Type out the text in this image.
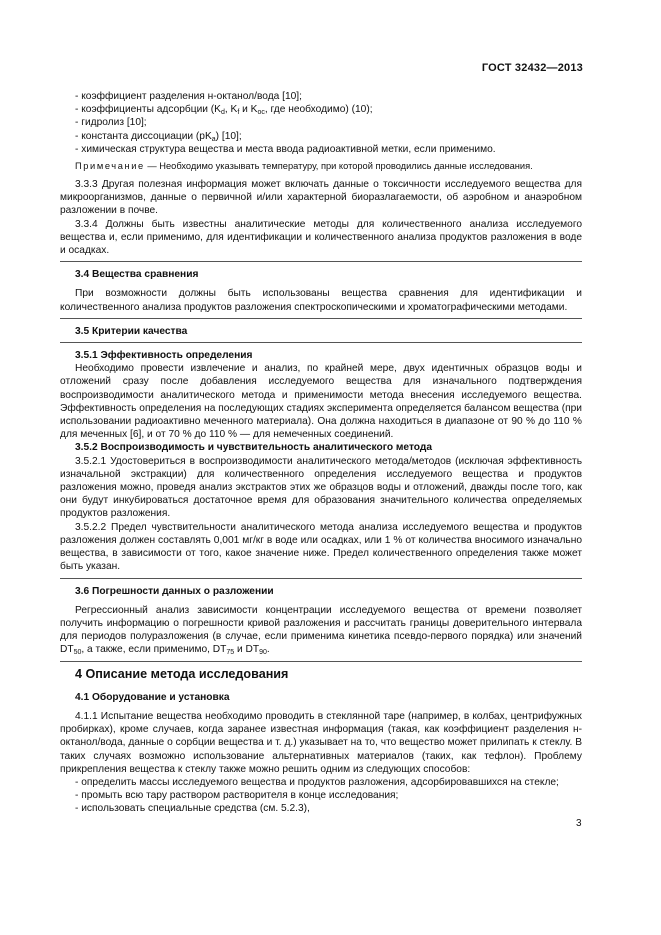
ГОСТ 32432—2013

- коэффициент разделения н-октанол/вода [10];

- коэффициенты адсорбции ($K_d$, $K_f$ и $K_{oc}$, где необходимо) (10);

- гидролиз [10];

- константа диссоциации $(pK_a)$ [10];

- химическая структура вещества и места ввода радиоактивной метки, если применимо.

Примечание — Необходимо указывать температуру, при которой проводились данные исследования.

3.3.3 Другая полезная информация может включать данные о токсичности исследуемого вещества для микроорганизмов, данные о первичной и/или характерной биоразлагаемости, об аэробном и анаэробном разложении в почве.

3.3.4 Должны быть известны аналитические методы для количественного анализа исследуемого вещества и, если применимо, для идентификации и количественного анализа продуктов разложения в воде и осадках.

3.4 Вещества сравнения

При возможности должны быть использованы вещества сравнения для идентификации и количественного анализа продуктов разложения спектроскопическими и хроматографическими методами.

3.5 Критерии качества

3.5.1 Эффективность определения

Необходимо провести извлечение и анализ, по крайней мере, двух идентичных образцов воды и отложений сразу после добавления исследуемого вещества для изначального подтверждения воспроизводимости аналитического метода и применимости метода внесения исследуемого вещества. Эффективность определения на последующих стадиях эксперимента определяется балансом вещества (при использовании радиоактивно меченного материала). Она должна находиться в диапазоне от 90 % до 110 % для меченных [6], и от 70 % до 110 % — для немеченных соединений.

3.5.2 Воспроизводимость и чувствительность аналитического метода

3.5.2.1 Удостовериться в воспроизводимости аналитического метода/методов (исключая эффективность изначальной экстракции) для количественного определения исследуемого вещества и продуктов разложения можно, проведя анализ экстрактов этих же образцов воды и отложений, дважды после того, как они будут инкубироваться достаточное время для образования значительного количества определяемых продуктов разложения.

3.5.2.2 Предел чувствительности аналитического метода анализа исследуемого вещества и продуктов разложения должен составлять 0,001 мг/кг в воде или осадках, или 1 % от количества вносимого изначально вещества, в зависимости от того, какое значение ниже. Предел количественного определения также может быть указан.

3.6 Погрешности данных о разложении

Регрессионный анализ зависимости концентрации исследуемого вещества от времени позволяет получить информацию о погрешности кривой разложения и рассчитать границы доверительного интервала для периодов полуразложения (в случае, если применима кинетика псевдо-первого порядка) или значений $DT_{50}$, а также, если применимо, $DT_{75}$ и $DT_{90}$.

4 Описание метода исследования

4.1 Оборудование и установка

4.1.1 Испытание вещества необходимо проводить в стеклянной таре (например, в колбах, центрифужных пробирках), кроме случаев, когда заранее известная информация (такая, как коэффициент разделения н-октанол/вода, данные о сорбции вещества и т. д.) указывает на то, что вещество может прилипать к стеклу. В таких случаях возможно использование альтернативных материалов (таких, как тефлон). Проблему прикрепления вещества к стеклу также можно решить одним из следующих способов:

- определить массы исследуемого вещества и продуктов разложения, адсорбировавшихся на стекле;

- промыть всю тару раствором растворителя в конце исследования;

- использовать специальные средства (см. 5.2.3),

3
